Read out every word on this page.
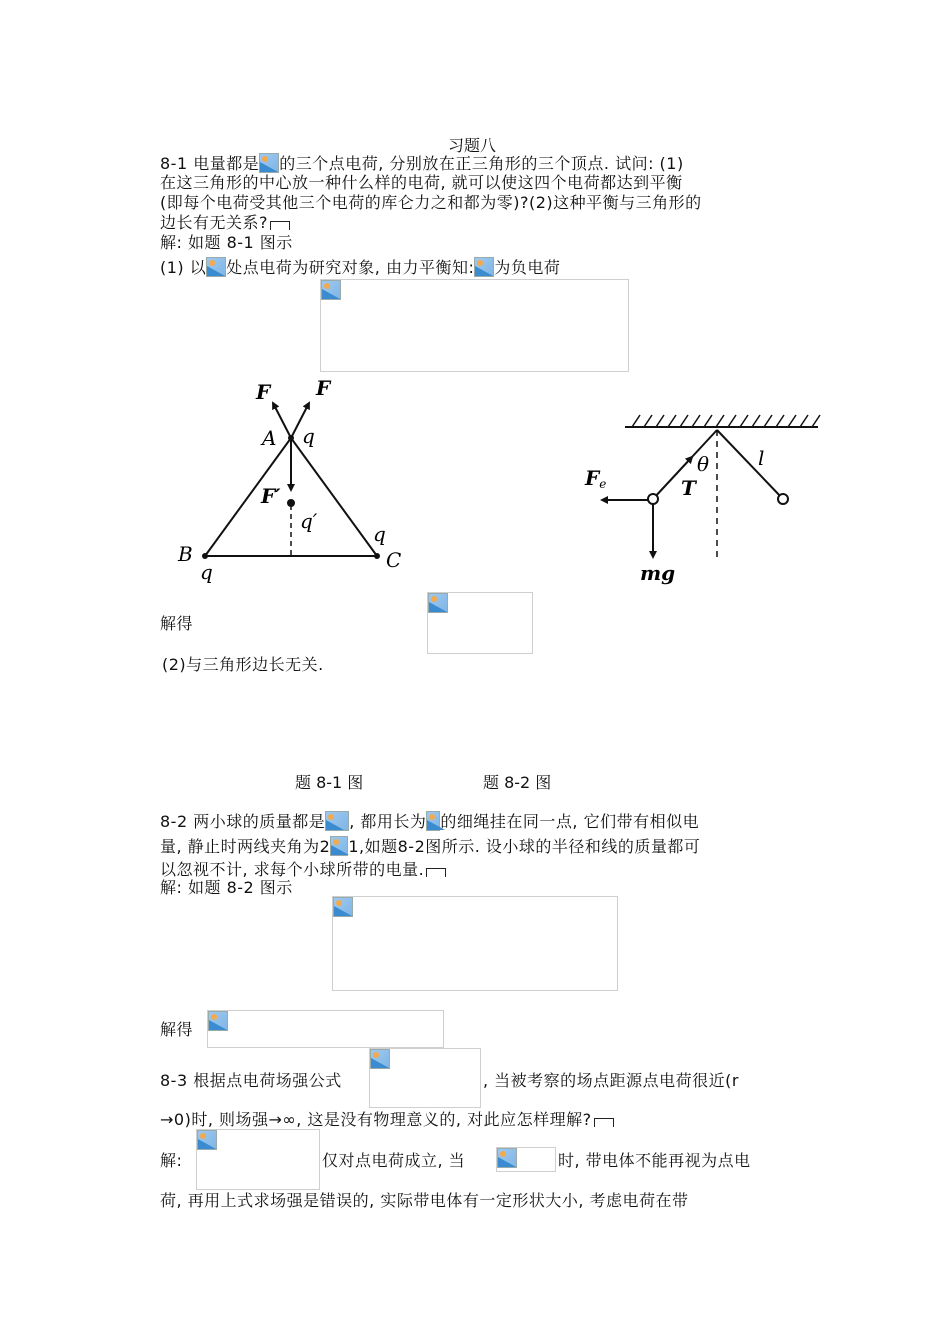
习题八
8-1 电量都是 的三个点电荷, 分别放在正三角形的三个顶点. 试问: (1)
在这三角形的中心放一种什么样的电荷, 就可以使这四个电荷都达到平衡
(即每个电荷受其他三个电荷的库仑力之和都为零)?(2)这种平衡与三角形的
边长有无关系?
解: 如题 8-1 图示
(1) 以 处点电荷为研究对象, 由力平衡知: 为负电荷
F F
A q
F′
q′
B
q
q
C
Fe	T
θ l
mg
解得
(2)与三角形边长无关.
题 8-1 图	题 8-2 图
8-2 两小球的质量都是 , 都用长为 的细绳挂在同一点, 它们带有相似电
量, 静止时两线夹角为2 1,如题8-2图所示. 设小球的半径和线的质量都可
以忽视不计, 求每个小球所带的电量.
解: 如题 8-2 图示
解得
8-3 根据点电荷场强公式	, 当被考察的场点距源点电荷很近(r
→0)时, 则场强→∞, 这是没有物理意义的, 对此应怎样理解?
解:	仅对点电荷成立, 当	时, 带电体不能再视为点电
荷, 再用上式求场强是错误的, 实际带电体有一定形状大小, 考虑电荷在带
